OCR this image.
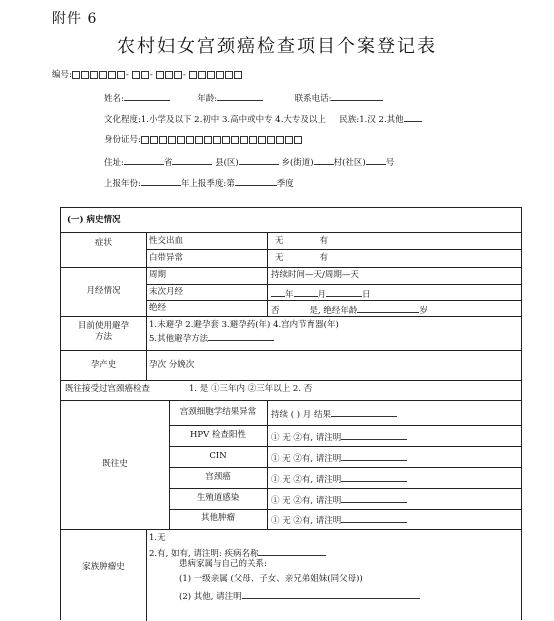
附件 6
农村妇女宫颈癌检查项目个案登记表
编号:	- -	-
姓名:	年龄:	联系电话:
文化程度:1.小学及以下 2.初中 3.高中或中专 4.大专及以上 民族:1.汉 2.其他
身份证号:
住址:	省	县(区)	乡(街道) 村(社区) 号
上报年份:	年上报季度:第	季度
(一) 病史情况
症状	性交出血	无	有
白带异常	无	有
月经情况
周期	持续时间—天/周期—天
末次月经	年	月	日
绝经	否	是, 绝经年龄	岁
目前使用避孕
方法
1.未避孕 2.避孕套 3.避孕药(年) 4.宫内节育器(年)
5.其他避孕方法
孕产史	孕次 分娩次
既往接受过宫颈癌检查	1. 是 ①三年内 ②三年以上 2. 否
既往史
宫颈细胞学结果异常	持续 ( ) 月 结果
HPV 检查阳性	① 无 ②有, 请注明
CIN	① 无 ②有, 请注明
宫颈癌	① 无 ②有, 请注明
生殖道感染	① 无 ②有, 请注明
其他肿瘤	① 无 ②有, 请注明
家族肿瘤史
1.无
2.有, 如有, 请注明: 疾病名称
患病家属与自己的关系:
(1) 一级亲属 (父母、子女、亲兄弟姐妹(同父母))
(2) 其他, 请注明
